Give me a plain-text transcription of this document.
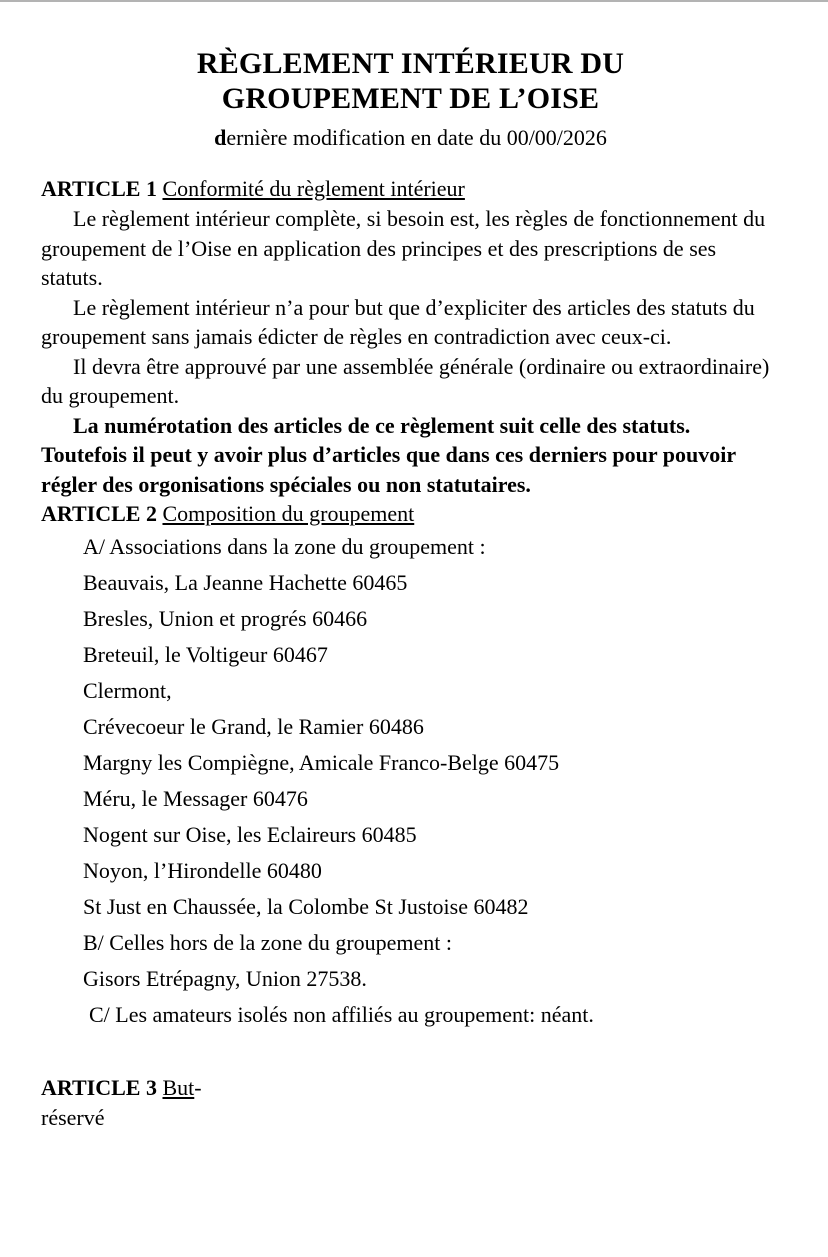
RÈGLEMENT INTÉRIEUR DU
GROUPEMENT DE L’OISE
dernière modification en date du 00/00/2026

ARTICLE 1 Conformité du règlement intérieur

Le règlement intérieur complète, si besoin est, les règles de fonctionnement du groupement de l’Oise en application des principes et des prescriptions de ses statuts.

Le règlement intérieur n’a pour but que d’expliciter des articles des statuts du groupement sans jamais édicter de règles en contradiction avec ceux-ci.

Il devra être approuvé par une assemblée générale (ordinaire ou extraordinaire) du groupement.

La numérotation des articles de ce règlement suit celle des statuts. Toutefois il peut y avoir plus d’articles que dans ces derniers pour pouvoir régler des orgonisations spéciales ou non statutaires.

ARTICLE 2 Composition du groupement

A/ Associations dans la zone du groupement :

Beauvais, La Jeanne Hachette 60465

Bresles, Union et progrés 60466

Breteuil, le Voltigeur 60467

Clermont,

Crévecoeur le Grand, le Ramier 60486

Margny les Compiègne, Amicale Franco-Belge 60475

Méru, le Messager 60476

Nogent sur Oise, les Eclaireurs 60485

Noyon, l’Hirondelle 60480

St Just en Chaussée, la Colombe St Justoise 60482

B/ Celles hors de la zone du groupement :

Gisors Etrépagny, Union 27538.

C/ Les amateurs isolés non affiliés au groupement: néant.

ARTICLE 3 But-

réservé
